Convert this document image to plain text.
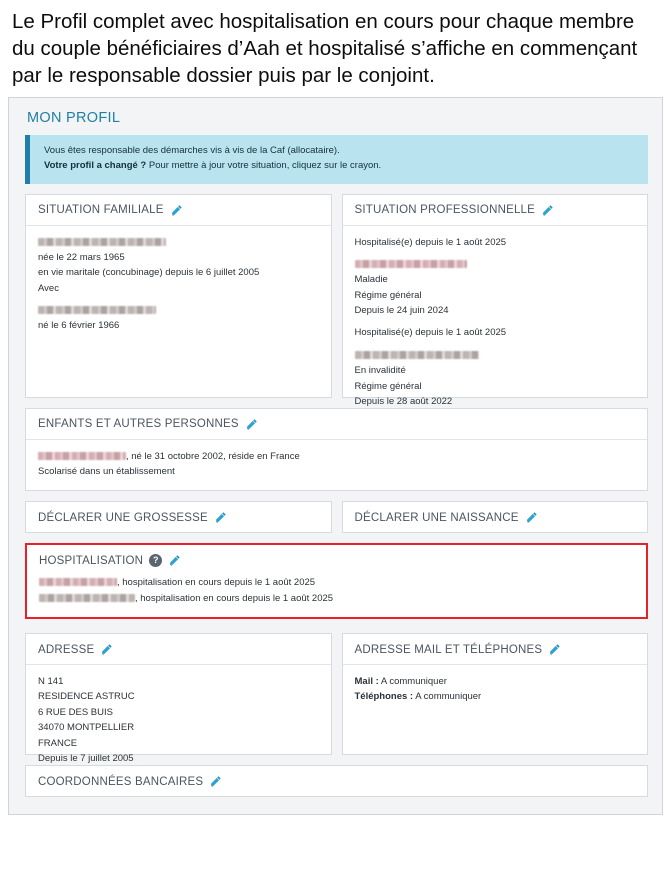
Le Profil complet avec hospitalisation en cours pour chaque membre du couple bénéficiaires d’Aah et hospitalisé s’affiche en commençant par le responsable dossier puis par le conjoint.
MON PROFIL
Vous êtes responsable des démarches vis à vis de la Caf (allocataire).
Votre profil a changé ? Pour mettre à jour votre situation, cliquez sur le crayon.
SITUATION FAMILIALE
née le 22 mars 1965
en vie maritale (concubinage) depuis le 6 juillet 2005
Avec
né le 6 février 1966
SITUATION PROFESSIONNELLE
Hospitalisé(e) depuis le 1 août 2025
Maladie
Régime général
Depuis le 24 juin 2024
Hospitalisé(e) depuis le 1 août 2025
En invalidité
Régime général
Depuis le 28 août 2022
ENFANTS ET AUTRES PERSONNES
, né le 31 octobre 2002, réside en France
Scolarisé dans un établissement
DÉCLARER UNE GROSSESSE	DÉCLARER UNE NAISSANCE
HOSPITALISATION	?
, hospitalisation en cours depuis le 1 août 2025
, hospitalisation en cours depuis le 1 août 2025
ADRESSE
N 141
RESIDENCE ASTRUC
6 RUE DES BUIS
34070 MONTPELLIER
FRANCE
Depuis le 7 juillet 2005
ADRESSE MAIL ET TÉLÉPHONES
Mail : A communiquer
Téléphones : A communiquer
COORDONNÉES BANCAIRES
